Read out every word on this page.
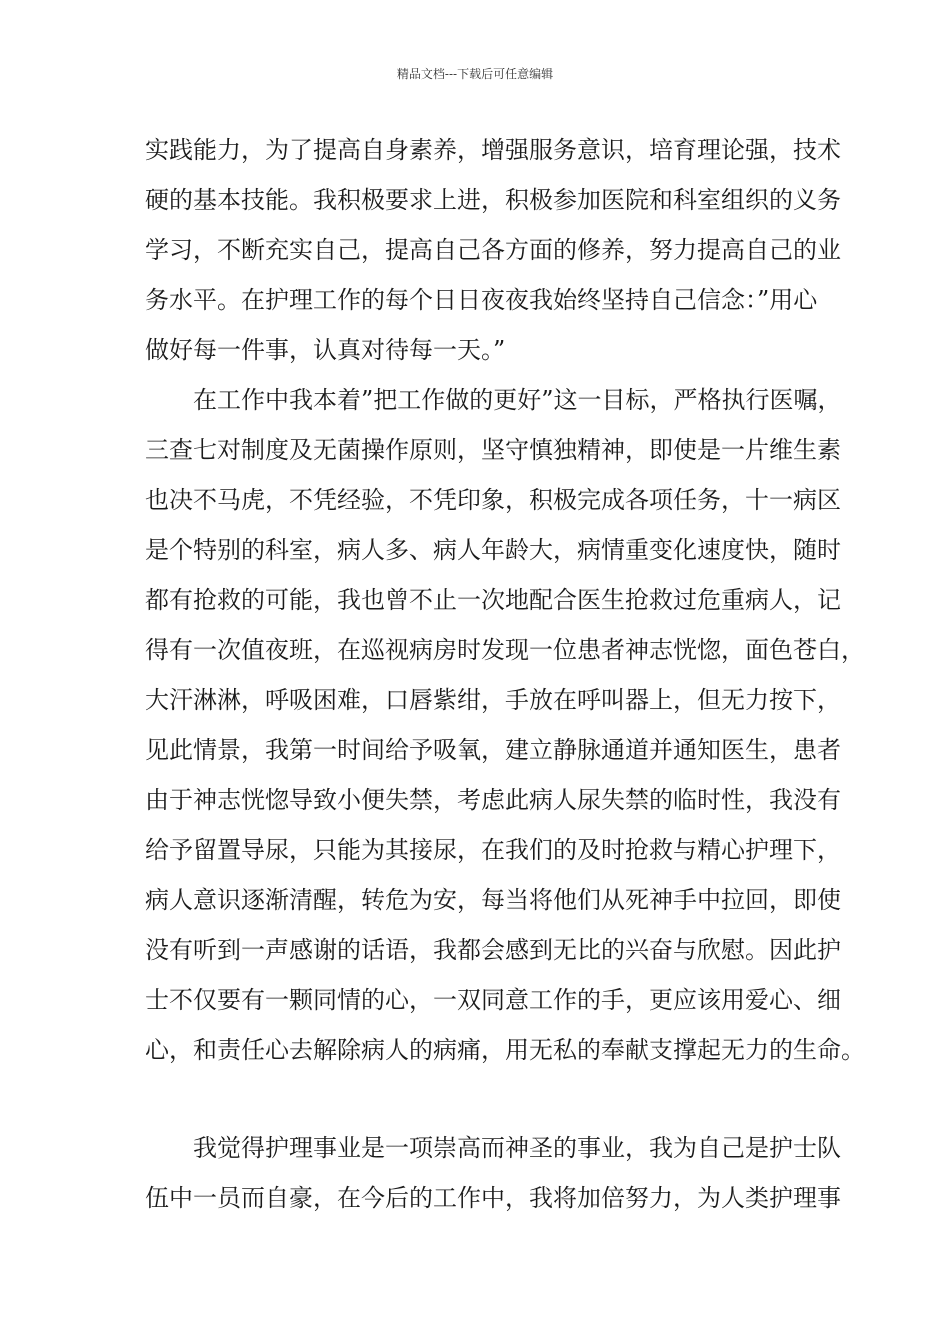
精品文档---下载后可任意编辑
实践能力，为了提高自身素养，增强服务意识，培育理论强，技术
硬的基本技能。我积极要求上进，积极参加医院和科室组织的义务
学习，不断充实自己，提高自己各方面的修养，努力提高自己的业
务水平。在护理工作的每个日日夜夜我始终坚持自己信念：”用心
做好每一件事，认真对待每一天。”
在工作中我本着”把工作做的更好”这一目标，严格执行医嘱，
三查七对制度及无菌操作原则，坚守慎独精神，即使是一片维生素
也决不马虎，不凭经验，不凭印象，积极完成各项任务，十一病区
是个特别的科室，病人多、病人年龄大，病情重变化速度快，随时
都有抢救的可能，我也曾不止一次地配合医生抢救过危重病人，记
得有一次值夜班，在巡视病房时发现一位患者神志恍惚，面色苍白，
大汗淋淋，呼吸困难，口唇紫绀，手放在呼叫器上，但无力按下，
见此情景，我第一时间给予吸氧，建立静脉通道并通知医生，患者
由于神志恍惚导致小便失禁，考虑此病人尿失禁的临时性，我没有
给予留置导尿，只能为其接尿，在我们的及时抢救与精心护理下，
病人意识逐渐清醒，转危为安，每当将他们从死神手中拉回，即使
没有听到一声感谢的话语，我都会感到无比的兴奋与欣慰。因此护
士不仅要有一颗同情的心，一双同意工作的手，更应该用爱心、细
心，和责任心去解除病人的病痛，用无私的奉献支撑起无力的生命。
我觉得护理事业是一项崇高而神圣的事业，我为自己是护士队
伍中一员而自豪，在今后的工作中，我将加倍努力，为人类护理事
